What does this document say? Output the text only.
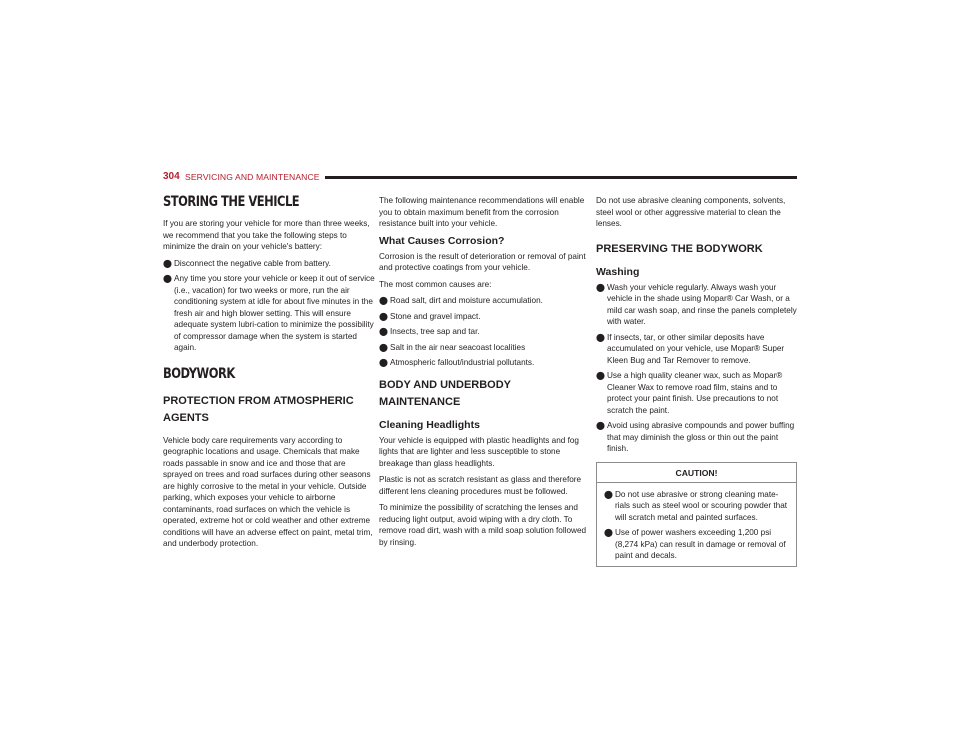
304 SERVICING AND MAINTENANCE
STORING THE VEHICLE

If you are storing your vehicle for more than three weeks, we recommend that you take the following steps to minimize the drain on your vehicle's battery:

⬤ Disconnect the negative cable from battery.
⬤ Any time you store your vehicle or keep it out of service (i.e., vacation) for two weeks or more, run the air conditioning system at idle for about five minutes in the fresh air and high blower setting. This will ensure adequate system lubri-cation to minimize the possibility of compressor damage when the system is started again.
BODYWORK
PROTECTION FROM ATMOSPHERIC
AGENTS

Vehicle body care requirements vary according to geographic locations and usage. Chemicals that make roads passable in snow and ice and those that are sprayed on trees and road surfaces during other seasons are highly corrosive to the metal in your vehicle. Outside parking, which exposes your vehicle to airborne contaminants, road surfaces on which the vehicle is operated, extreme hot or cold weather and other extreme conditions will have an adverse effect on paint, metal trim, and underbody protection.

The following maintenance recommendations will enable you to obtain maximum benefit from the corrosion resistance built into your vehicle.

What Causes Corrosion?

Corrosion is the result of deterioration or removal of paint and protective coatings from your vehicle.

The most common causes are:

⬤ Road salt, dirt and moisture accumulation.
⬤ Stone and gravel impact.
⬤ Insects, tree sap and tar.
⬤ Salt in the air near seacoast localities
⬤ Atmospheric fallout/industrial pollutants.
BODY AND UNDERBODY MAINTENANCE
Cleaning Headlights

Your vehicle is equipped with plastic headlights and fog lights that are lighter and less susceptible to stone breakage than glass headlights.

Plastic is not as scratch resistant as glass and therefore different lens cleaning procedures must be followed.

To minimize the possibility of scratching the lenses and reducing light output, avoid wiping with a dry cloth. To remove road dirt, wash with a mild soap solution followed by rinsing.

Do not use abrasive cleaning components, solvents, steel wool or other aggressive material to clean the lenses.

PRESERVING THE BODYWORK
Washing
⬤ Wash your vehicle regularly. Always wash your vehicle in the shade using Mopar® Car Wash, or a mild car wash soap, and rinse the panels completely with water.
⬤ If insects, tar, or other similar deposits have accumulated on your vehicle, use Mopar® Super Kleen Bug and Tar Remover to remove.
⬤ Use a high quality cleaner wax, such as Mopar® Cleaner Wax to remove road film, stains and to protect your paint finish. Use precautions to not scratch the paint.
⬤ Avoid using abrasive compounds and power buffing that may diminish the gloss or thin out the paint finish.
CAUTION!
⬤ Do not use abrasive or strong cleaning mate-rials such as steel wool or scouring powder that will scratch metal and painted surfaces.
⬤ Use of power washers exceeding 1,200 psi (8,274 kPa) can result in damage or removal of paint and decals.
